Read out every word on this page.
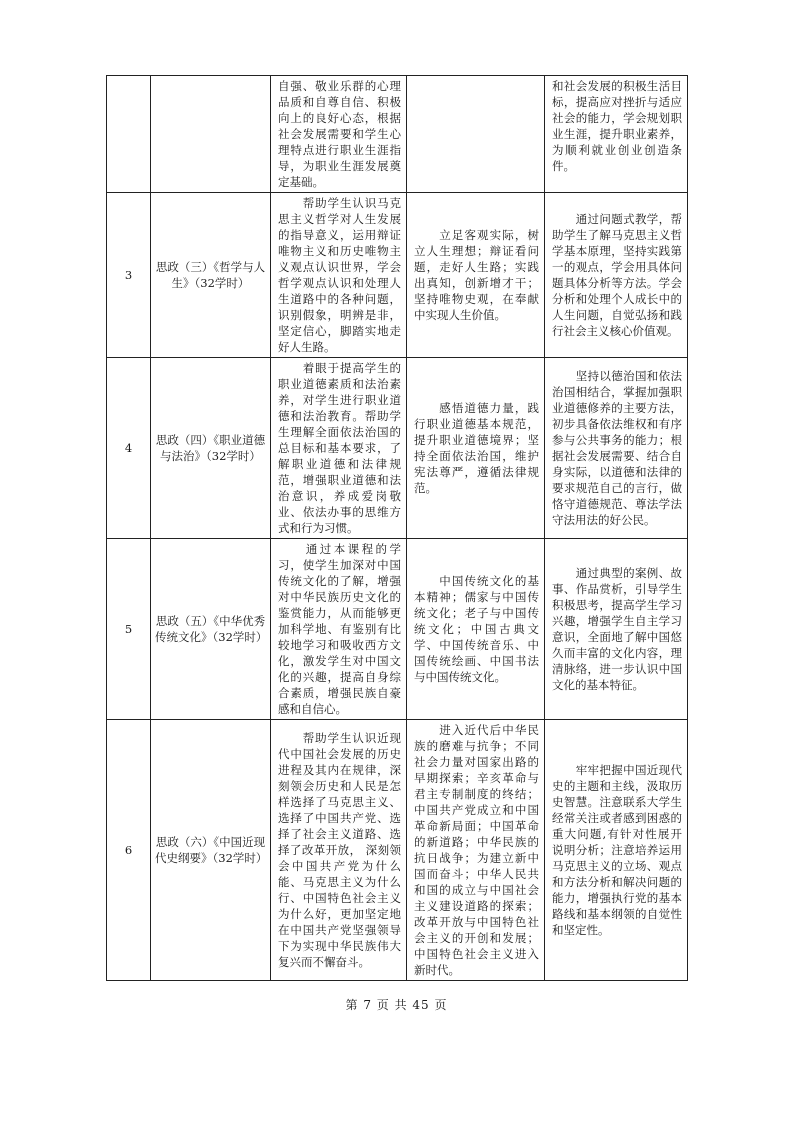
		自强、敬业乐群的心理品质和自尊自信、积极向上的良好心态，根据社会发展需要和学生心理特点进行职业生涯指导，为职业生涯发展奠定基础。		和社会发展的积极生活目标，提高应对挫折与适应社会的能力，学会规划职业生涯，提升职业素养，为顺利就业创业创造条件。
3	思政（三）《哲学与人生》（32学时）	　　帮助学生认识马克思主义哲学对人生发展的指导意义，运用辩证唯物主义和历史唯物主义观点认识世界，学会哲学观点认识和处理人生道路中的各种问题，识别假象，明辨是非，坚定信心，脚踏实地走好人生路。	　　立足客观实际，树立人生理想；辩证看问题，走好人生路；实践出真知，创新增才干；坚持唯物史观，在奉献中实现人生价值。	　　通过问题式教学，帮助学生了解马克思主义哲学基本原理，坚持实践第一的观点，学会用具体问题具体分析等方法。学会分析和处理个人成长中的人生问题，自觉弘扬和践行社会主义核心价值观。
4	思政（四）《职业道德与法治》（32学时）	　　着眼于提高学生的职业道德素质和法治素养，对学生进行职业道德和法治教育。帮助学生理解全面依法治国的总目标和基本要求，了解职业道德和法律规范，增强职业道德和法治意识，养成爱岗敬业、依法办事的思维方式和行为习惯。	　　感悟道德力量，践行职业道德基本规范，提升职业道德境界；坚持全面依法治国，维护宪法尊严，遵循法律规范。	　　坚持以德治国和依法治国相结合，掌握加强职业道德修养的主要方法，初步具备依法维权和有序参与公共事务的能力；根据社会发展需要、结合自身实际，以道德和法律的要求规范自己的言行，做恪守道德规范、尊法学法守法用法的好公民。
5	思政（五）《中华优秀传统文化》（32学时）	　　通过本课程的学习，使学生加深对中国传统文化的了解，增强对中华民族历史文化的鉴赏能力，从而能够更加科学地、有鉴别有比较地学习和吸收西方文化，激发学生对中国文化的兴趣，提高自身综合素质，增强民族自豪感和自信心。	　　中国传统文化的基本精神；儒家与中国传统文化；老子与中国传统文化；中国古典文学、中国传统音乐、中国传统绘画、中国书法与中国传统文化。	　　通过典型的案例、故事、作品赏析，引导学生积极思考，提高学生学习兴趣，增强学生自主学习意识，全面地了解中国悠久而丰富的文化内容，理清脉络，进一步认识中国文化的基本特征。
6	思政（六）《中国近现代史纲要》（32学时）	　　帮助学生认识近现代中国社会发展的历史进程及其内在规律，深刻领会历史和人民是怎样选择了马克思主义、选择了中国共产党、选择了社会主义道路、选择了改革开放， 深刻领会中国共产党为什么能、马克思主义为什么行、中国特色社会主义 为什么好，更加坚定地在中国共产党坚强领导下为实现中华民族伟大复兴而不懈奋斗。	　　进入近代后中华民族的磨难与抗争；不同社会力量对国家出路的早期探索；辛亥革命与君主专制制度的终结；中国共产党成立和中国革命新局面；中国革命的新道路；中华民族的抗日战争；为建立新中国而奋斗；中华人民共和国的成立与中国社会主义建设道路的探索；改革开放与中国特色社会主义的开创和发展；中国特色社会主义进入新时代。	　　牢牢把握中国近现代史的主题和主线，汲取历史智慧。注意联系大学生经常关注或者感到困惑的重大问题,有针对性展开说明分析；注意培养运用马克思主义的立场、观点和方法分析和解决问题的能力，增强执行党的基本路线和基本纲领的自觉性和坚定性。
第 7 页 共 45 页
